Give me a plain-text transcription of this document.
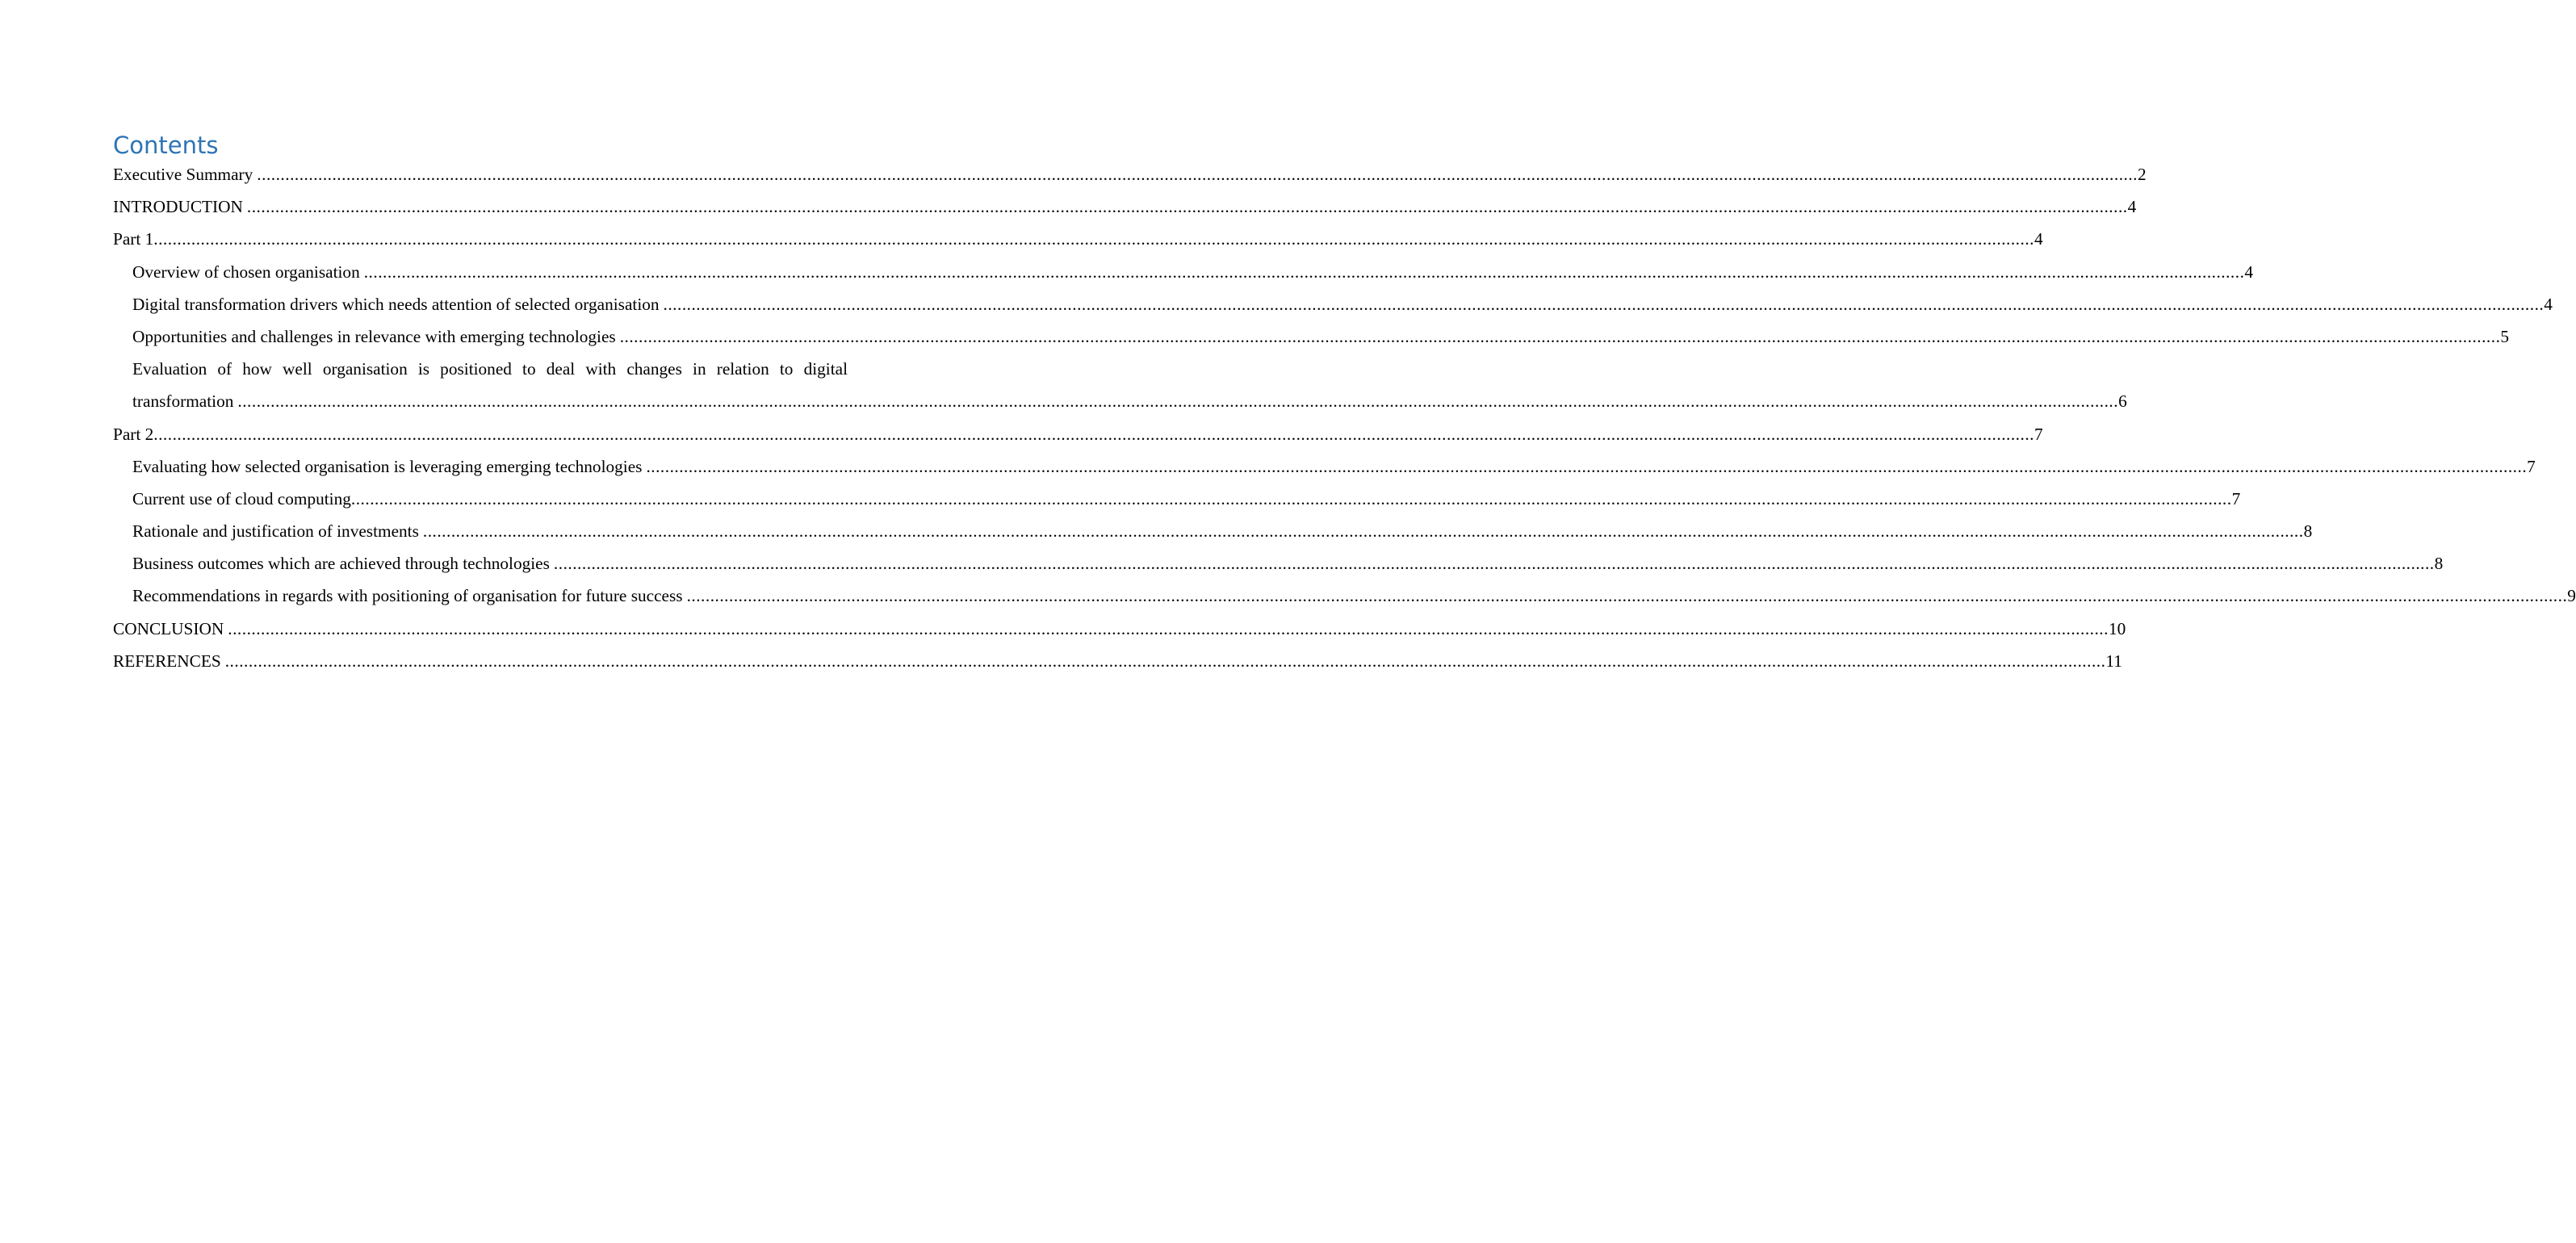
Contents
Executive Summary ................................................................................................................................................................................................................................................................................................................................................................................................................ 2
INTRODUCTION ................................................................................................................................................................................................................................................................................................................................................................................................................ 4
Part 1 ................................................................................................................................................................................................................................................................................................................................................................................................................ 4
Overview of chosen organisation ................................................................................................................................................................................................................................................................................................................................................................................................................ 4
Digital transformation drivers which needs attention of selected organisation ................................................................................................................................................................................................................................................................................................................................................................................................................ 4
Opportunities and challenges in relevance with emerging technologies ................................................................................................................................................................................................................................................................................................................................................................................................................ 5
Evaluation of how well organisation is positioned to deal with changes in relation to digital
transformation ................................................................................................................................................................................................................................................................................................................................................................................................................ 6
Part 2 ................................................................................................................................................................................................................................................................................................................................................................................................................ 7
Evaluating how selected organisation is leveraging emerging technologies ................................................................................................................................................................................................................................................................................................................................................................................................................ 7
Current use of cloud computing ................................................................................................................................................................................................................................................................................................................................................................................................................ 7
Rationale and justification of investments ................................................................................................................................................................................................................................................................................................................................................................................................................ 8
Business outcomes which are achieved through technologies ................................................................................................................................................................................................................................................................................................................................................................................................................ 8
Recommendations in regards with positioning of organisation for future success ................................................................................................................................................................................................................................................................................................................................................................................................................ 9
CONCLUSION ................................................................................................................................................................................................................................................................................................................................................................................................................ 10
REFERENCES ................................................................................................................................................................................................................................................................................................................................................................................................................ 11
